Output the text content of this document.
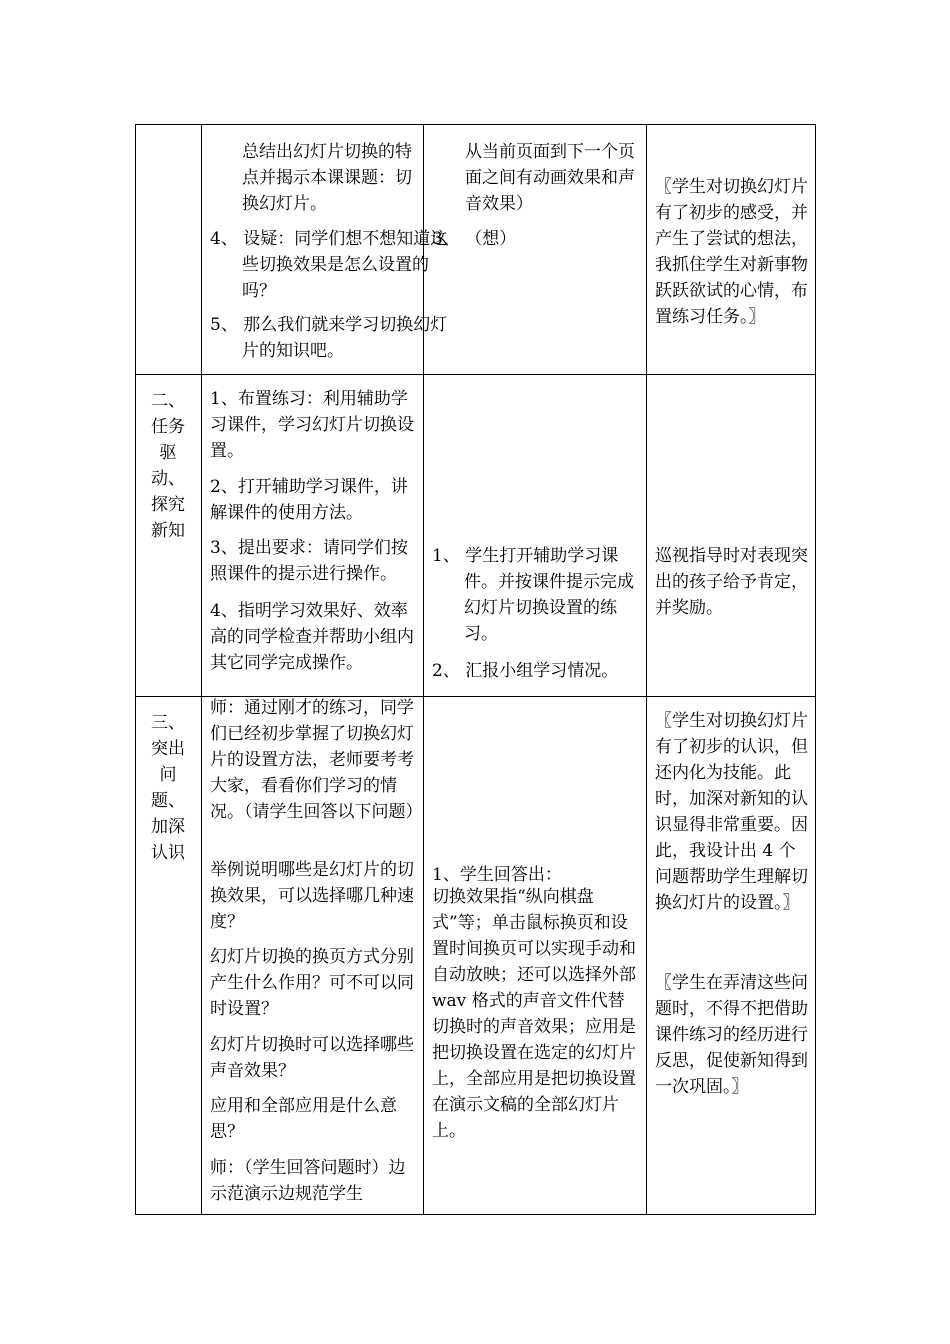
总结出幻灯片切换的特点并揭示本课课题：切换幻灯片。

4、 设疑：同学们想不想知道这些切换效果是怎么设置的吗？

5、 那么我们就来学习切换幻灯片的知识吧。

从当前页面到下一个页面之间有动画效果和声音效果）

3、 （想）

〖学生对切换幻灯片有了初步的感受，并产生了尝试的想法，我抓住学生对新事物跃跃欲试的心情，布置练习任务。〗

二、任务驱动、探究新知

1、布置练习：利用辅助学习课件，学习幻灯片切换设置。

2、打开辅助学习课件，讲解课件的使用方法。

3、提出要求：请同学们按照课件的提示进行操作。

4、指明学习效果好、效率高的同学检查并帮助小组内其它同学完成操作。

1、 学生打开辅助学习课件。并按课件提示完成幻灯片切换设置的练习。

2、 汇报小组学习情况。

巡视指导时对表现突出的孩子给予肯定，并奖励。

三、突出问题、加深认识

师：通过刚才的练习，同学们已经初步掌握了切换幻灯片的设置方法，老师要考考大家，看看你们学习的情况。（请学生回答以下问题）

举例说明哪些是幻灯片的切换效果，可以选择哪几种速度？

幻灯片切换的换页方式分别产生什么作用？可不可以同时设置？

幻灯片切换时可以选择哪些声音效果？

应用和全部应用是什么意思？

师：（学生回答问题时）边示范演示边规范学生

1、学生回答出：

切换效果指“纵向棋盘式”等；单击鼠标换页和设置时间换页可以实现手动和自动放映；还可以选择外部 wav 格式的声音文件代替切换时的声音效果；应用是把切换设置在选定的幻灯片上，全部应用是把切换设置在演示文稿的全部幻灯片上。

〖学生对切换幻灯片有了初步的认识，但还内化为技能。此时，加深对新知的认识显得非常重要。因此，我设计出 4 个问题帮助学生理解切换幻灯片的设置。〗

〖学生在弄清这些问题时，不得不把借助课件练习的经历进行反思，促使新知得到一次巩固。〗
